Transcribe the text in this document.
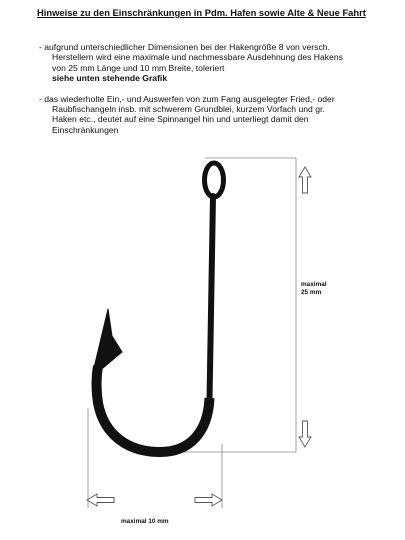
Hinweise zu den Einschränkungen in Pdm. Hafen sowie Alte & Neue Fahrt
- aufgrund unterschiedlicher Dimensionen bei der Hakengröße 8 von versch.
Herstellern wird eine maximale und nachmessbare Ausdehnung des Hakens
von 25 mm Länge und 10 mm Breite, toleriert
siehe unten stehende Grafik
- das wiederholte Ein,- und Auswerfen von zum Fang ausgelegter Fried,- oder
Raubfischangeln insb. mit schwerem Grundblei, kurzem Vorfach und gr.
Haken etc., deutet auf eine Spinnangel hin und unterliegt damit den
Einschränkungen
maximal
25 mm
maximal 10 mm
